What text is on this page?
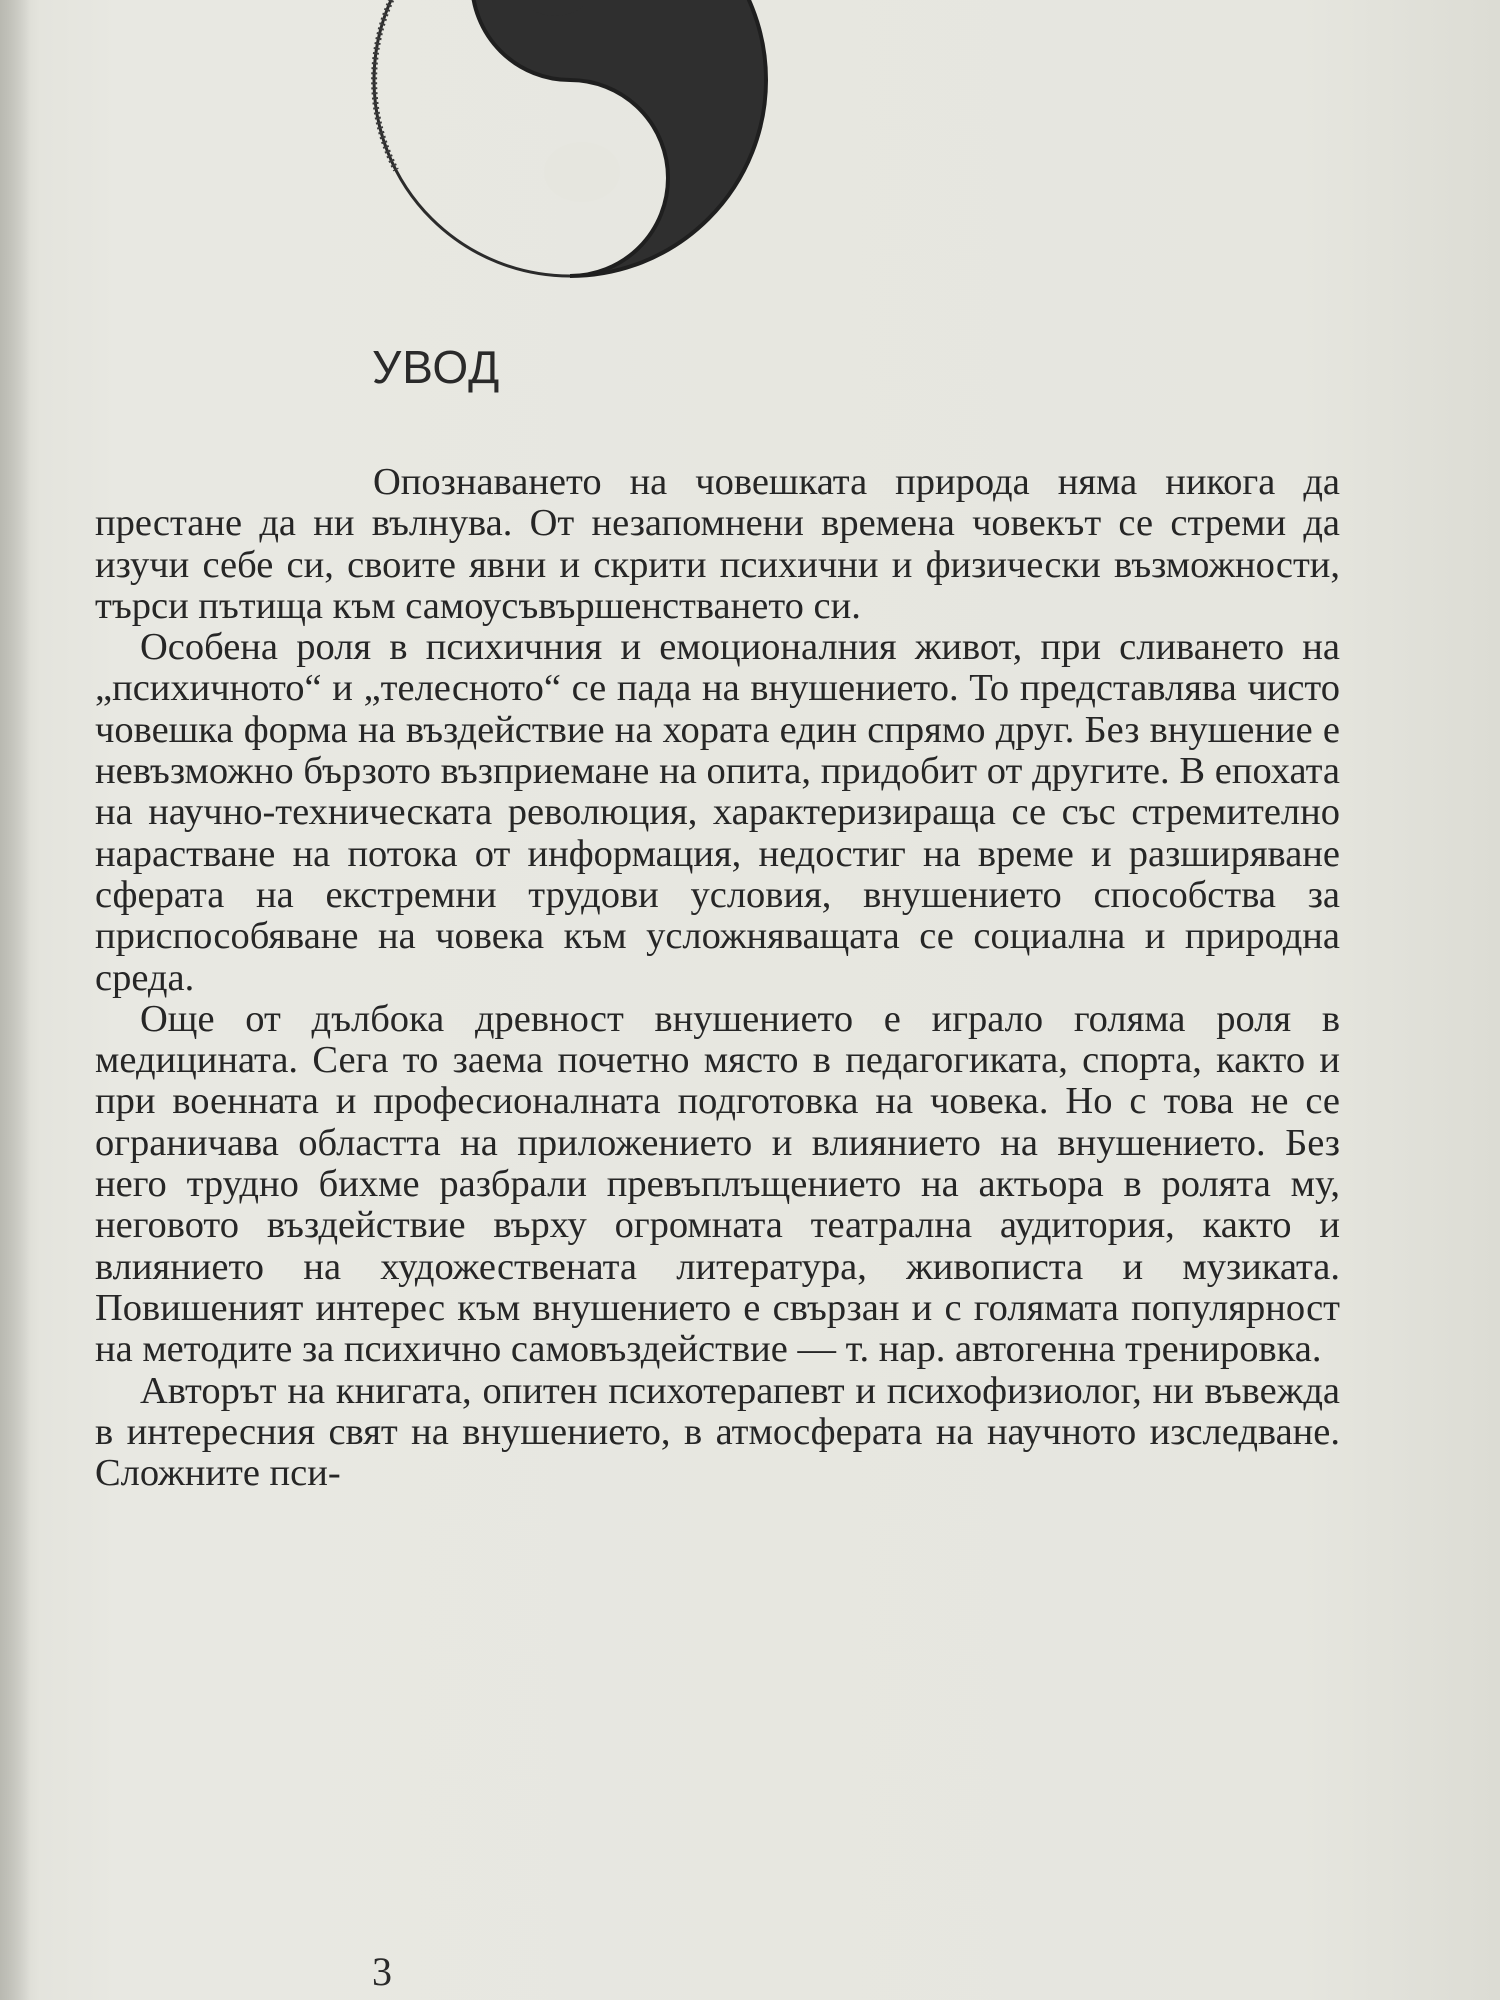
УВОД

Опознаването на човешката природа няма никога да престане да ни вълнува. От незапомнени времена човекът се стреми да изучи себе си, своите явни и скрити психични и физически възможности, търси пътища към самоусъвършенстването си.

Особена роля в психичния и емоционалния живот, при сливането на „психичното“ и „телесното“ се пада на внушението. То представлява чисто човешка форма на въздействие на хората един спрямо друг. Без внушение е невъзможно бързото възприемане на опита, придобит от другите. В епохата на научно-техническата революция, характеризираща се със стремително нарастване на потока от информация, недостиг на време и разширяване сферата на екстремни трудови условия, внушението способства за приспособяване на човека към усложняващата се социална и природна среда.

Още от дълбока древност внушението е играло голяма роля в медицината. Сега то заема почетно място в педагогиката, спорта, както и при военната и професионалната подготовка на човека. Но с това не се ограничава областта на приложението и влиянието на внушението. Без него трудно бихме разбрали превъплъщението на актьора в ролята му, неговото въздействие върху огромната театрална аудитория, както и влиянието на художествената литература, живописта и музиката. Повишеният интерес към внушението е свързан и с голямата популярност на методите за психично самовъздействие — т. нар. автогенна тренировка.

Авторът на книгата, опитен психотерапевт и психофизиолог, ни въвежда в интересния свят на внушението, в атмосферата на научното изследване. Сложните пси-

3
